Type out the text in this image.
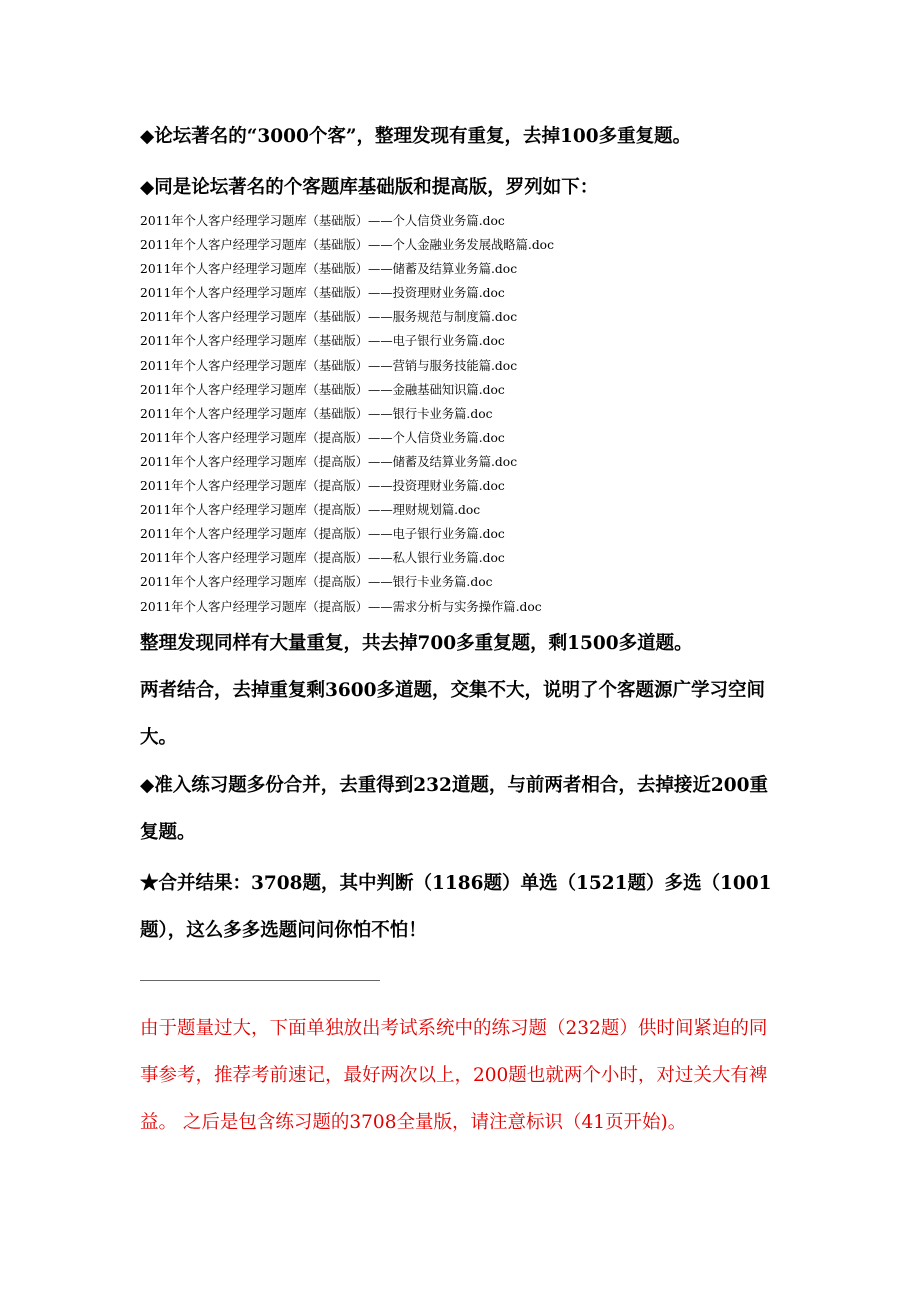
◆论坛著名的“3000个客”，整理发现有重复，去掉100多重复题。
◆同是论坛著名的个客题库基础版和提高版，罗列如下：
2011年个人客户经理学习题库（基础版）——个人信贷业务篇.doc
2011年个人客户经理学习题库（基础版）——个人金融业务发展战略篇.doc
2011年个人客户经理学习题库（基础版）——储蓄及结算业务篇.doc
2011年个人客户经理学习题库（基础版）——投资理财业务篇.doc
2011年个人客户经理学习题库（基础版）——服务规范与制度篇.doc
2011年个人客户经理学习题库（基础版）——电子银行业务篇.doc
2011年个人客户经理学习题库（基础版）——营销与服务技能篇.doc
2011年个人客户经理学习题库（基础版）——金融基础知识篇.doc
2011年个人客户经理学习题库（基础版）——银行卡业务篇.doc
2011年个人客户经理学习题库（提高版）——个人信贷业务篇.doc
2011年个人客户经理学习题库（提高版）——储蓄及结算业务篇.doc
2011年个人客户经理学习题库（提高版）——投资理财业务篇.doc
2011年个人客户经理学习题库（提高版）——理财规划篇.doc
2011年个人客户经理学习题库（提高版）——电子银行业务篇.doc
2011年个人客户经理学习题库（提高版）——私人银行业务篇.doc
2011年个人客户经理学习题库（提高版）——银行卡业务篇.doc
2011年个人客户经理学习题库（提高版）——需求分析与实务操作篇.doc
整理发现同样有大量重复，共去掉700多重复题，剩1500多道题。
两者结合，去掉重复剩3600多道题，交集不大，说明了个客题源广学习空间大。
◆准入练习题多份合并，去重得到232道题，与前两者相合，去掉接近200重复题。
★合并结果：3708题，其中判断（1186题）单选（1521题）多选（1001题），这么多多选题问问你怕不怕！
______________________________
由于题量过大，下面单独放出考试系统中的练习题（232题）供时间紧迫的同事参考，推荐考前速记，最好两次以上，200题也就两个小时，对过关大有裨益。 之后是包含练习题的3708全量版，请注意标识（41页开始)。
